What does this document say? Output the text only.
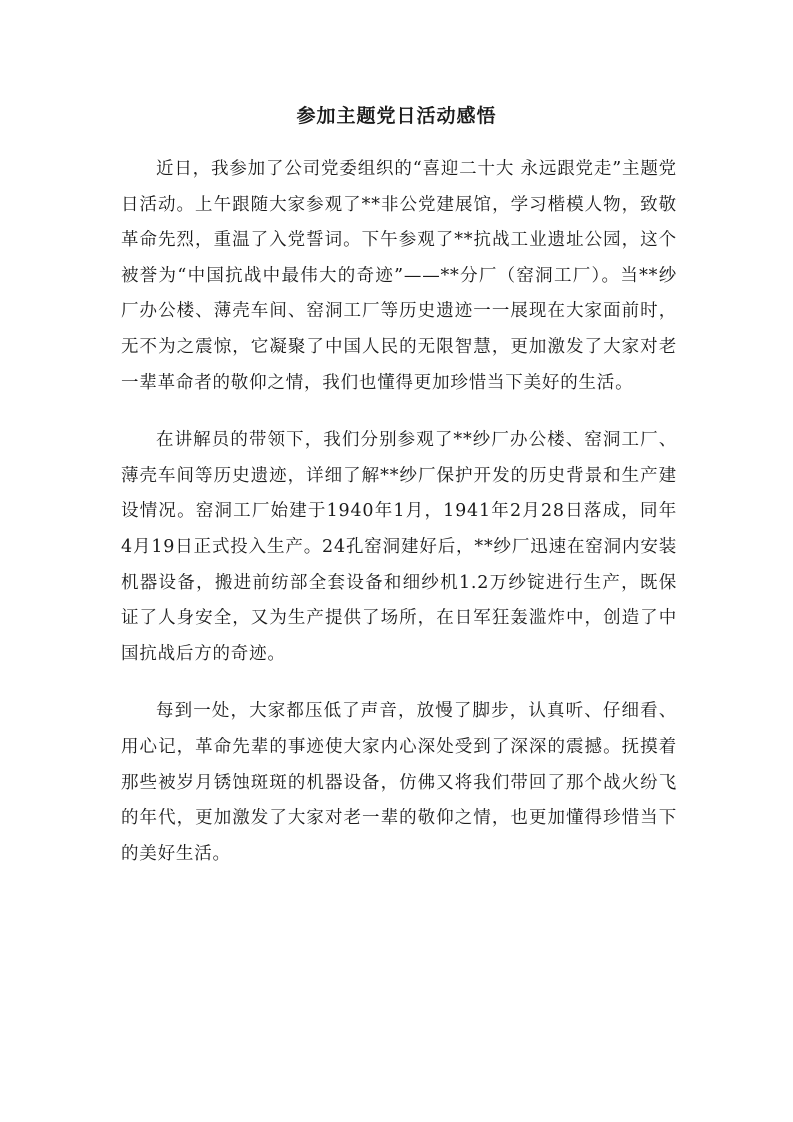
参加主题党日活动感悟

近日，我参加了公司党委组织的“喜迎二十大 永远跟党走”主题党日活动。上午跟随大家参观了**非公党建展馆，学习楷模人物，致敬革命先烈，重温了入党誓词。下午参观了**抗战工业遗址公园，这个被誉为“中国抗战中最伟大的奇迹”——**分厂（窑洞工厂）。当**纱厂办公楼、薄壳车间、窑洞工厂等历史遗迹一一展现在大家面前时，无不为之震惊，它凝聚了中国人民的无限智慧，更加激发了大家对老一辈革命者的敬仰之情，我们也懂得更加珍惜当下美好的生活。

在讲解员的带领下，我们分别参观了**纱厂办公楼、窑洞工厂、薄壳车间等历史遗迹，详细了解**纱厂保护开发的历史背景和生产建设情况。窑洞工厂始建于1940年1月，1941年2月28日落成，同年4月19日正式投入生产。24孔窑洞建好后，**纱厂迅速在窑洞内安装机器设备，搬进前纺部全套设备和细纱机1.2万纱锭进行生产，既保证了人身安全，又为生产提供了场所，在日军狂轰滥炸中，创造了中国抗战后方的奇迹。

每到一处，大家都压低了声音，放慢了脚步，认真听、仔细看、用心记，革命先辈的事迹使大家内心深处受到了深深的震撼。抚摸着那些被岁月锈蚀斑斑的机器设备，仿佛又将我们带回了那个战火纷飞的年代，更加激发了大家对老一辈的敬仰之情，也更加懂得珍惜当下的美好生活。
